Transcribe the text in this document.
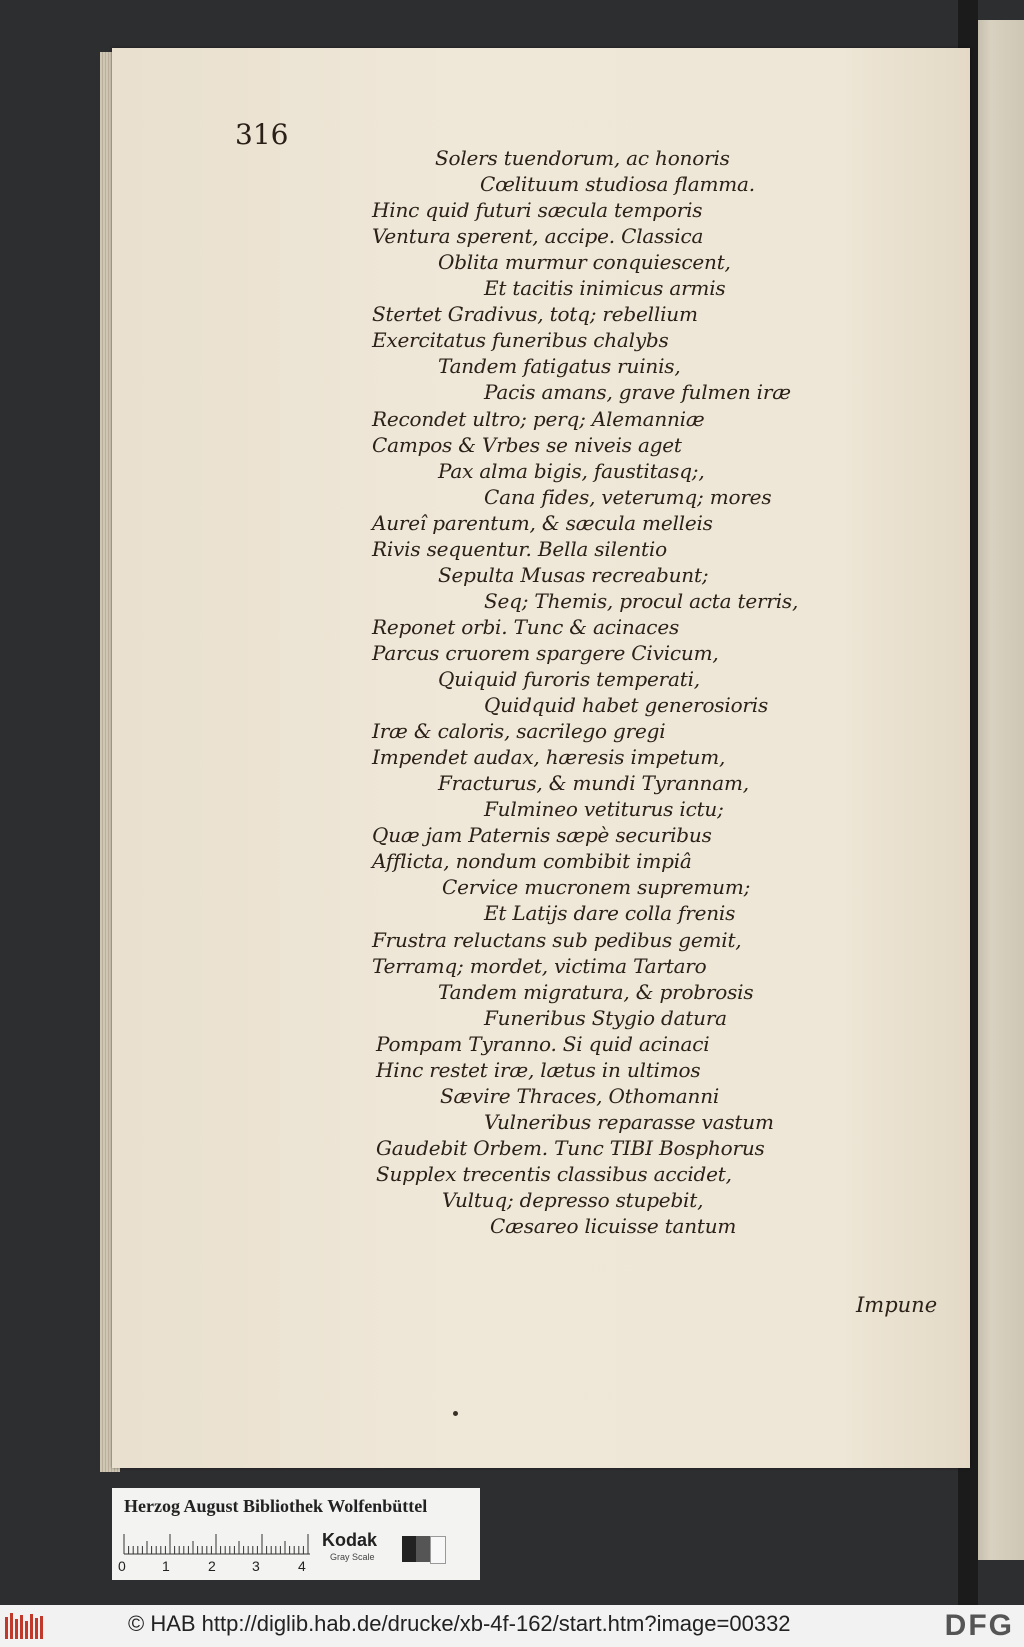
316
Solers tuendorum, ac honoris
Cœlituum studiosa flamma.
Hinc quid futuri sæcula temporis
Ventura sperent, accipe. Classica
Oblita murmur conquiescent,
Et tacitis inimicus armis
Stertet Gradivus, totq; rebellium
Exercitatus funeribus chalybs
Tandem fatigatus ruinis,
Pacis amans, grave fulmen iræ
Recondet ultro; perq; Alemanniæ
Campos & Vrbes se niveis aget
Pax alma bigis, faustitasq;,
Cana fides, veterumq; mores
Aureî parentum, & sæcula melleis
Rivis sequentur. Bella silentio
Sepulta Musas recreabunt;
Seq; Themis, procul acta terris,
Reponet orbi. Tunc & acinaces
Parcus cruorem spargere Civicum,
Quiquid furoris temperati,
Quidquid habet generosioris
Iræ & caloris, sacrilego gregi
Impendet audax, hæresis impetum,
Fracturus, & mundi Tyrannam,
Fulmineo vetiturus ictu;
Quæ jam Paternis sæpè securibus
Afflicta, nondum combibit impiâ
Cervice mucronem supremum;
Et Latijs dare colla frenis
Frustra reluctans sub pedibus gemit,
Terramq; mordet, victima Tartaro
Tandem migratura, & probrosis
Funeribus Stygio datura
Pompam Tyranno. Si quid acinaci
Hinc restet iræ, lætus in ultimos
Sævire Thraces, Othomanni
Vulneribus reparasse vastum
Gaudebit Orbem. Tunc TIBI Bosphorus
Supplex trecentis classibus accidet,
Vultuq; depresso stupebit,
Cæsareo licuisse tantum
Impune
Herzog August Bibliothek Wolfenbüttel
0	1	2	3	4
Kodak
Gray Scale
© HAB http://diglib.hab.de/drucke/xb-4f-162/start.htm?image=00332	DFG
